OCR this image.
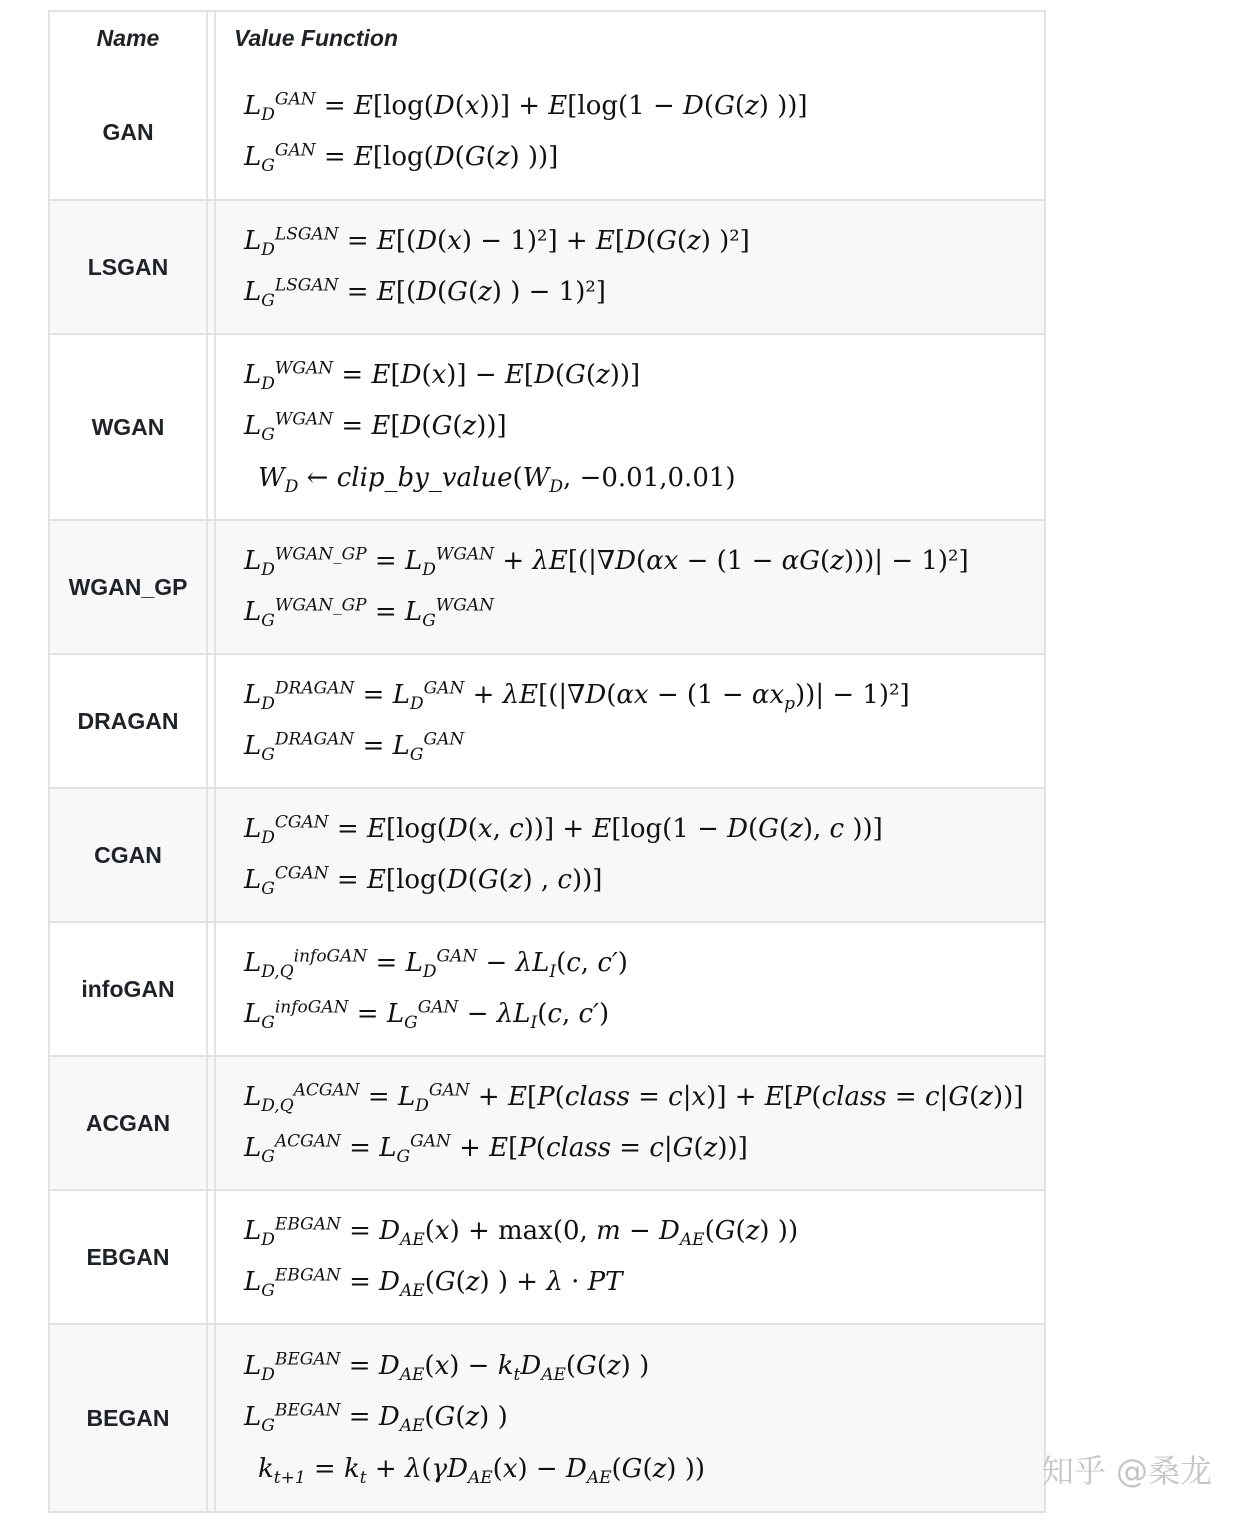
Name	Value Function
GAN
$L_D^{GAN} = E[\log(D(x))] + E[\log(1 - D(G(z)$ ))]
$L_G^{GAN} = E[\log(D(G(z)$ ))]
LSGAN
$L_D^{LSGAN} = E[(D(x) - 1)^2] + E[D(G(z)$ )²]
$L_G^{LSGAN} = E[(D(G(z)$ ) − 1)²]
WGAN
$L_D^{WGAN} = E[D(x)] - E[D(G(z))]$
$L_G^{WGAN} = E[D(G(z))]$
$W_D$ ← $clip\_by\_value(W_D$, −0.01,0.01)
WGAN_GP
$L_D^{WGAN\_GP} = L_D^{WGAN} + \lambda E[(|\nabla D(\alpha x - (1 - \alpha G(z)))| - 1)^2]$
$L_G^{WGAN\_GP} = L_G^{WGAN}$
DRAGAN
$L_D^{DRAGAN} = L_D^{GAN} + \lambda E[(|\nabla D(\alpha x - (1 - \alpha x_p))| - 1)^2]$
$L_G^{DRAGAN} = L_G^{GAN}$
CGAN
$L_D^{CGAN} = E[\log(D(x$, c))] + E[log(1 − D(G(z), c ))]
$L_G^{CGAN} = E[\log(D(G(z)$ , c))]
infoGAN
$L_{D,Q}^{infoGAN} = L_D^{GAN} - \lambda L_I(c$, c′)
$L_G^{infoGAN} = L_G^{GAN} - \lambda L_I(c$, c′)
ACGAN
$L_{D,Q}^{ACGAN} = L_D^{GAN}$ + E[P(class = c|x)] + E[P(class = c|G(z))]
$L_G^{ACGAN} = L_G^{GAN}$ + E[P(class = c|G(z))]
EBGAN
$L_D^{EBGAN} = D_{AE}(x) + \max(0$, $m - D_{AE}(G(z)$ ))
$L_G^{EBGAN} = D_{AE}(G(z)$ ) + λ · PT
BEGAN
$L_D^{BEGAN} = D_{AE}(x) - k_tD_{AE}(G(z)$ )
$L_G^{BEGAN} = D_{AE}(G(z)$ )
$k_{t+1} = k_t + \lambda(\gamma D_{AE}(x) - D_{AE}(G(z)$ ))	知乎 @桑龙
